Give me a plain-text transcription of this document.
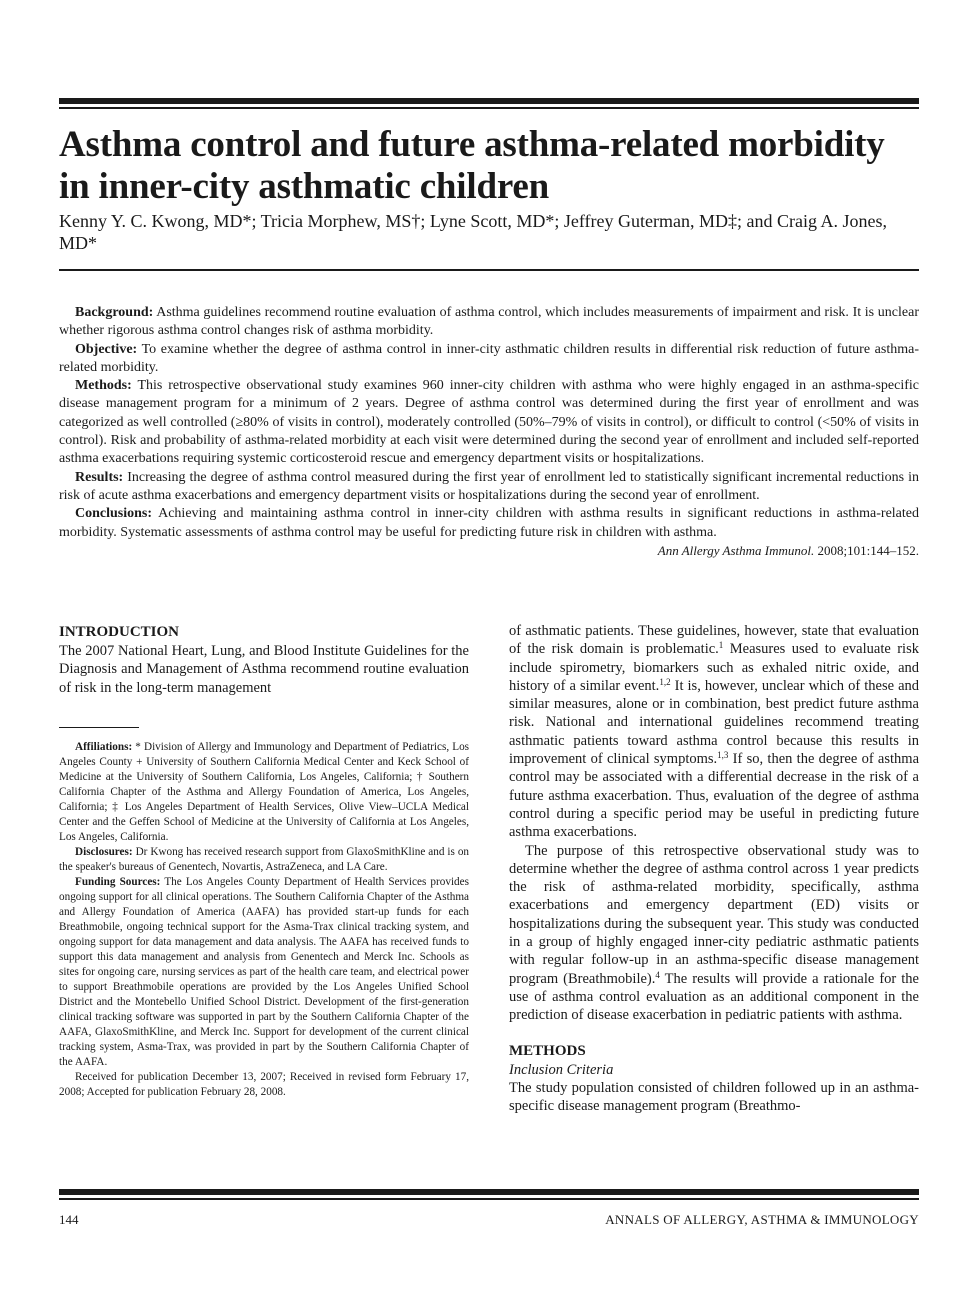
Asthma control and future asthma-related morbidity in inner-city asthmatic children
Kenny Y. C. Kwong, MD*; Tricia Morphew, MS†; Lyne Scott, MD*; Jeffrey Guterman, MD‡; and Craig A. Jones, MD*

Background: Asthma guidelines recommend routine evaluation of asthma control, which includes measurements of impairment and risk. It is unclear whether rigorous asthma control changes risk of asthma morbidity.

Objective: To examine whether the degree of asthma control in inner-city asthmatic children results in differential risk reduction of future asthma-related morbidity.

Methods: This retrospective observational study examines 960 inner-city children with asthma who were highly engaged in an asthma-specific disease management program for a minimum of 2 years. Degree of asthma control was determined during the first year of enrollment and was categorized as well controlled (≥80% of visits in control), moderately controlled (50%–79% of visits in control), or difficult to control (<50% of visits in control). Risk and probability of asthma-related morbidity at each visit were determined during the second year of enrollment and included self-reported asthma exacerbations requiring systemic corticosteroid rescue and emergency department visits or hospitalizations.

Results: Increasing the degree of asthma control measured during the first year of enrollment led to statistically significant incremental reductions in risk of acute asthma exacerbations and emergency department visits or hospitalizations during the second year of enrollment.

Conclusions: Achieving and maintaining asthma control in inner-city children with asthma results in significant reductions in asthma-related morbidity. Systematic assessments of asthma control may be useful for predicting future risk in children with asthma.

Ann Allergy Asthma Immunol. 2008;101:144–152.

INTRODUCTION

The 2007 National Heart, Lung, and Blood Institute Guidelines for the Diagnosis and Management of Asthma recommend routine evaluation of risk in the long-term management

Affiliations: * Division of Allergy and Immunology and Department of Pediatrics, Los Angeles County + University of Southern California Medical Center and Keck School of Medicine at the University of Southern California, Los Angeles, California; † Southern California Chapter of the Asthma and Allergy Foundation of America, Los Angeles, California; ‡ Los Angeles Department of Health Services, Olive View–UCLA Medical Center and the Geffen School of Medicine at the University of California at Los Angeles, Los Angeles, California.

Disclosures: Dr Kwong has received research support from GlaxoSmithKline and is on the speaker's bureaus of Genentech, Novartis, AstraZeneca, and LA Care.

Funding Sources: The Los Angeles County Department of Health Services provides ongoing support for all clinical operations. The Southern California Chapter of the Asthma and Allergy Foundation of America (AAFA) has provided start-up funds for each Breathmobile, ongoing technical support for the Asma-Trax clinical tracking system, and ongoing support for data management and data analysis. The AAFA has received funds to support this data management and analysis from Genentech and Merck Inc. Schools as sites for ongoing care, nursing services as part of the health care team, and electrical power to support Breathmobile operations are provided by the Los Angeles Unified School District and the Montebello Unified School District. Development of the first-generation clinical tracking software was supported in part by the Southern California Chapter of the AAFA, GlaxoSmithKline, and Merck Inc. Support for development of the current clinical tracking system, Asma-Trax, was provided in part by the Southern California Chapter of the AAFA.

Received for publication December 13, 2007; Received in revised form February 17, 2008; Accepted for publication February 28, 2008.

of asthmatic patients. These guidelines, however, state that evaluation of the risk domain is problematic.$^1$ Measures used to evaluate risk include spirometry, biomarkers such as exhaled nitric oxide, and history of a similar event.$^{1,2}$ It is, however, unclear which of these and similar measures, alone or in combination, best predict future asthma risk. National and international guidelines recommend treating asthmatic patients toward asthma control because this results in improvement of clinical symptoms.$^{1,3}$ If so, then the degree of asthma control may be associated with a differential decrease in the risk of a future asthma exacerbation. Thus, evaluation of the degree of asthma control during a specific period may be useful in predicting future asthma exacerbations.

The purpose of this retrospective observational study was to determine whether the degree of asthma control across 1 year predicts the risk of asthma-related morbidity, specifically, asthma exacerbations and emergency department (ED) visits or hospitalizations during the subsequent year. This study was conducted in a group of highly engaged inner-city pediatric asthmatic patients with regular follow-up in an asthma-specific disease management program (Breathmobile).$^4$ The results will provide a rationale for the use of asthma control evaluation as an additional component in the prediction of disease exacerbation in pediatric patients with asthma.

METHODS

Inclusion Criteria

The study population consisted of children followed up in an asthma-specific disease management program (Breathmo-

144	ANNALS OF ALLERGY, ASTHMA & IMMUNOLOGY
